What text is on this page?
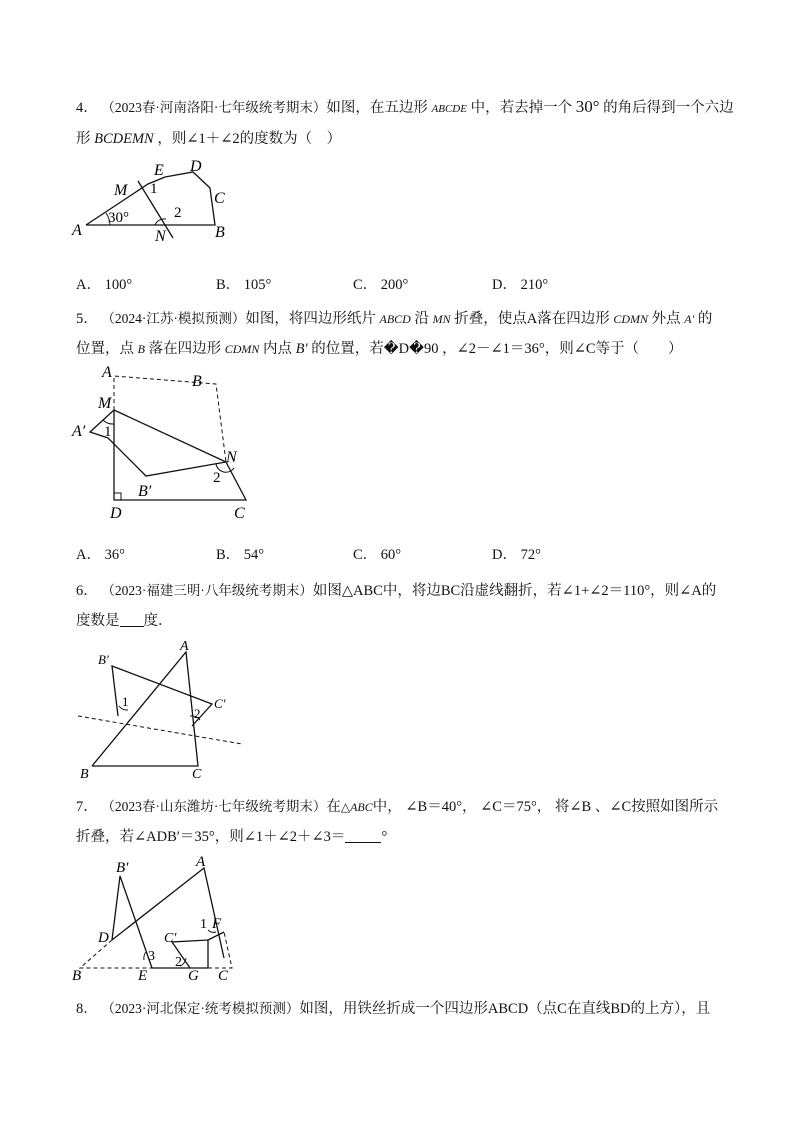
4． （2023春·河南洛阳·七年级统考期末）如图，在五边形 ABCDE 中，若去掉一个 30° 的角后得到一个六边

形 BCDEMN ，则∠1＋∠2的度数为（　）

A	B
C
D
E
M
N
1
2
30°
A． 100°	B． 105°	C． 200°	D． 210°

5． （2024·江苏·模拟预测）如图，将四边形纸片 ABCD 沿 MN 折叠，使点A落在四边形 CDMN 外点 A′ 的

位置，点 B 落在四边形 CDMN 内点 B′ 的位置，若�D�90 ，∠2－∠1＝36°，则∠C等于（　　）

A
B
M
A′ 1
N
B′
2
D	C
A． 36°	B． 54°	C． 60°	D． 72°

6． （2023·福建三明·八年级统考期末）如图△ABC中，将边BC沿虚线翻折，若∠1+∠2＝110°，则∠A的

度数是 度．

A
B	C
B′
C′
1
2

7． （2023春·山东潍坊·七年级统考期末）在△ABC中， ∠B＝40°， ∠C＝75°， 将∠B 、∠C按照如图所示

折叠，若∠ADB′＝35°，则∠1＋∠2＋∠3＝ °

A
B	C
B′
C′
D
E
F
G
1
2
3

8． （2023·河北保定·统考模拟预测）如图，用铁丝折成一个四边形ABCD（点C在直线BD的上方），且
